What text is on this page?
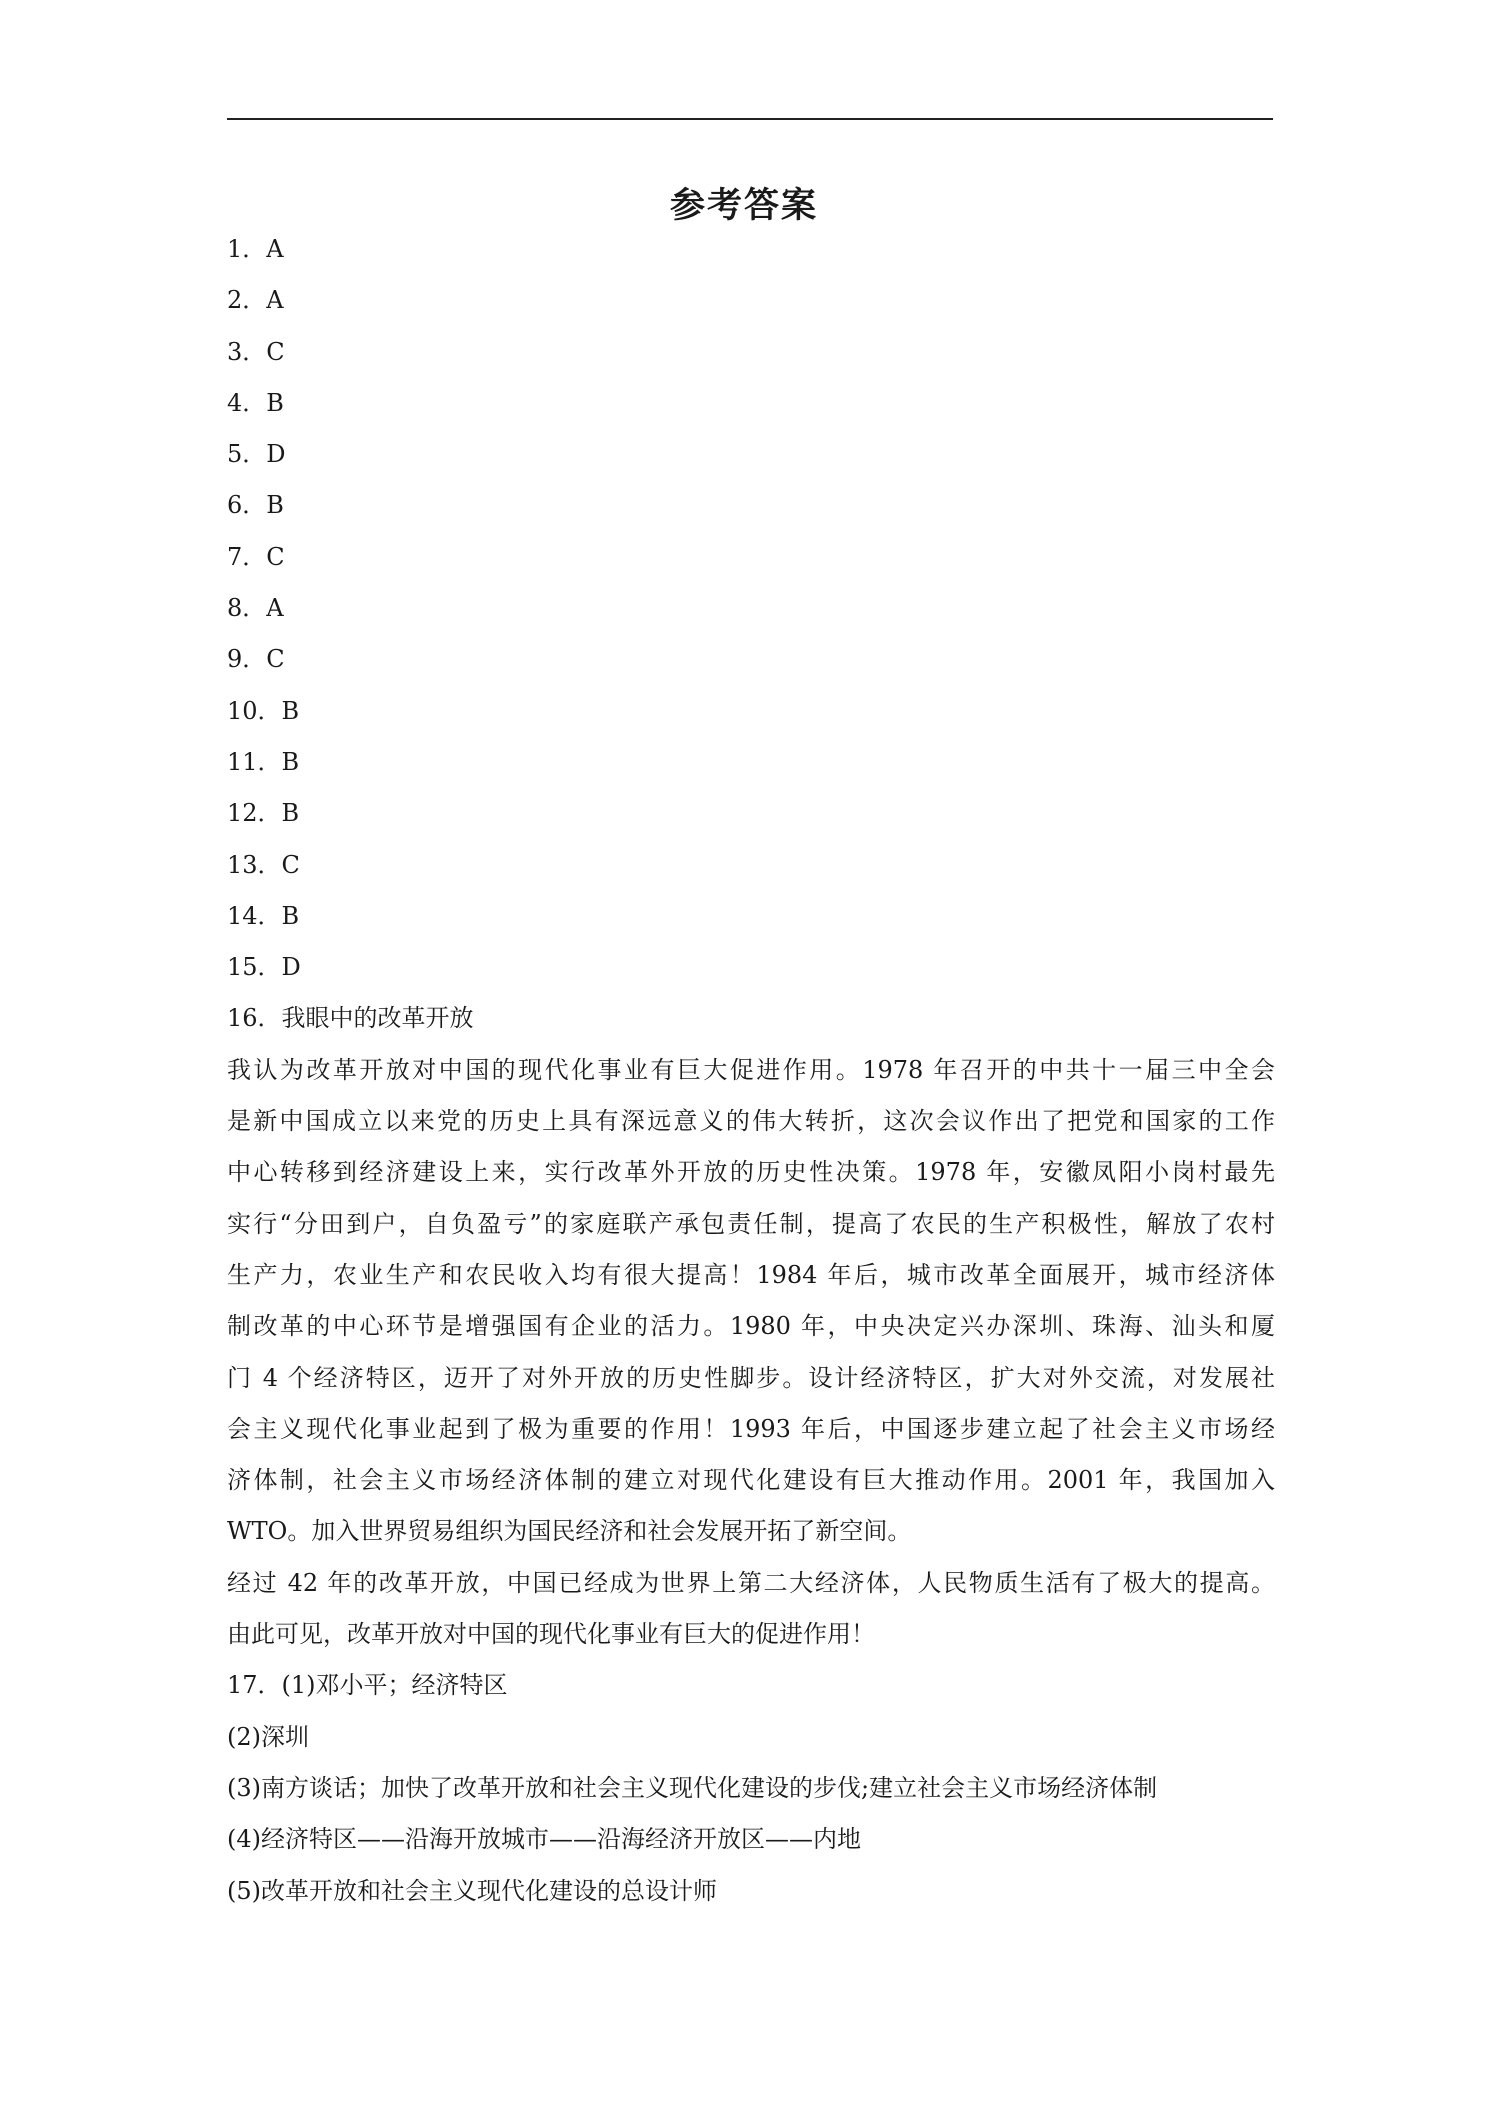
参考答案
1．A
2．A
3．C
4．B
5．D
6．B
7．C
8．A
9．C
10．B
11．B
12．B
13．C
14．B
15．D
16．我眼中的改革开放
我认为改革开放对中国的现代化事业有巨大促进作用。1978 年召开的中共十一届三中全会
是新中国成立以来党的历史上具有深远意义的伟大转折，这次会议作出了把党和国家的工作
中心转移到经济建设上来，实行改革外开放的历史性决策。1978 年，安徽凤阳小岗村最先
实行“分田到户，自负盈亏”的家庭联产承包责任制，提高了农民的生产积极性，解放了农村
生产力，农业生产和农民收入均有很大提高！1984 年后，城市改革全面展开，城市经济体
制改革的中心环节是增强国有企业的活力。1980 年，中央决定兴办深圳、珠海、汕头和厦
门 4 个经济特区，迈开了对外开放的历史性脚步。设计经济特区，扩大对外交流，对发展社
会主义现代化事业起到了极为重要的作用！1993 年后，中国逐步建立起了社会主义市场经
济体制，社会主义市场经济体制的建立对现代化建设有巨大推动作用。2001 年，我国加入
WTO。加入世界贸易组织为国民经济和社会发展开拓了新空间。
经过 42 年的改革开放，中国已经成为世界上第二大经济体，人民物质生活有了极大的提高。
由此可见，改革开放对中国的现代化事业有巨大的促进作用！
17．(1)邓小平；经济特区
(2)深圳
(3)南方谈话；加快了改革开放和社会主义现代化建设的步伐;建立社会主义市场经济体制
(4)经济特区——沿海开放城市——沿海经济开放区——内地
(5)改革开放和社会主义现代化建设的总设计师
